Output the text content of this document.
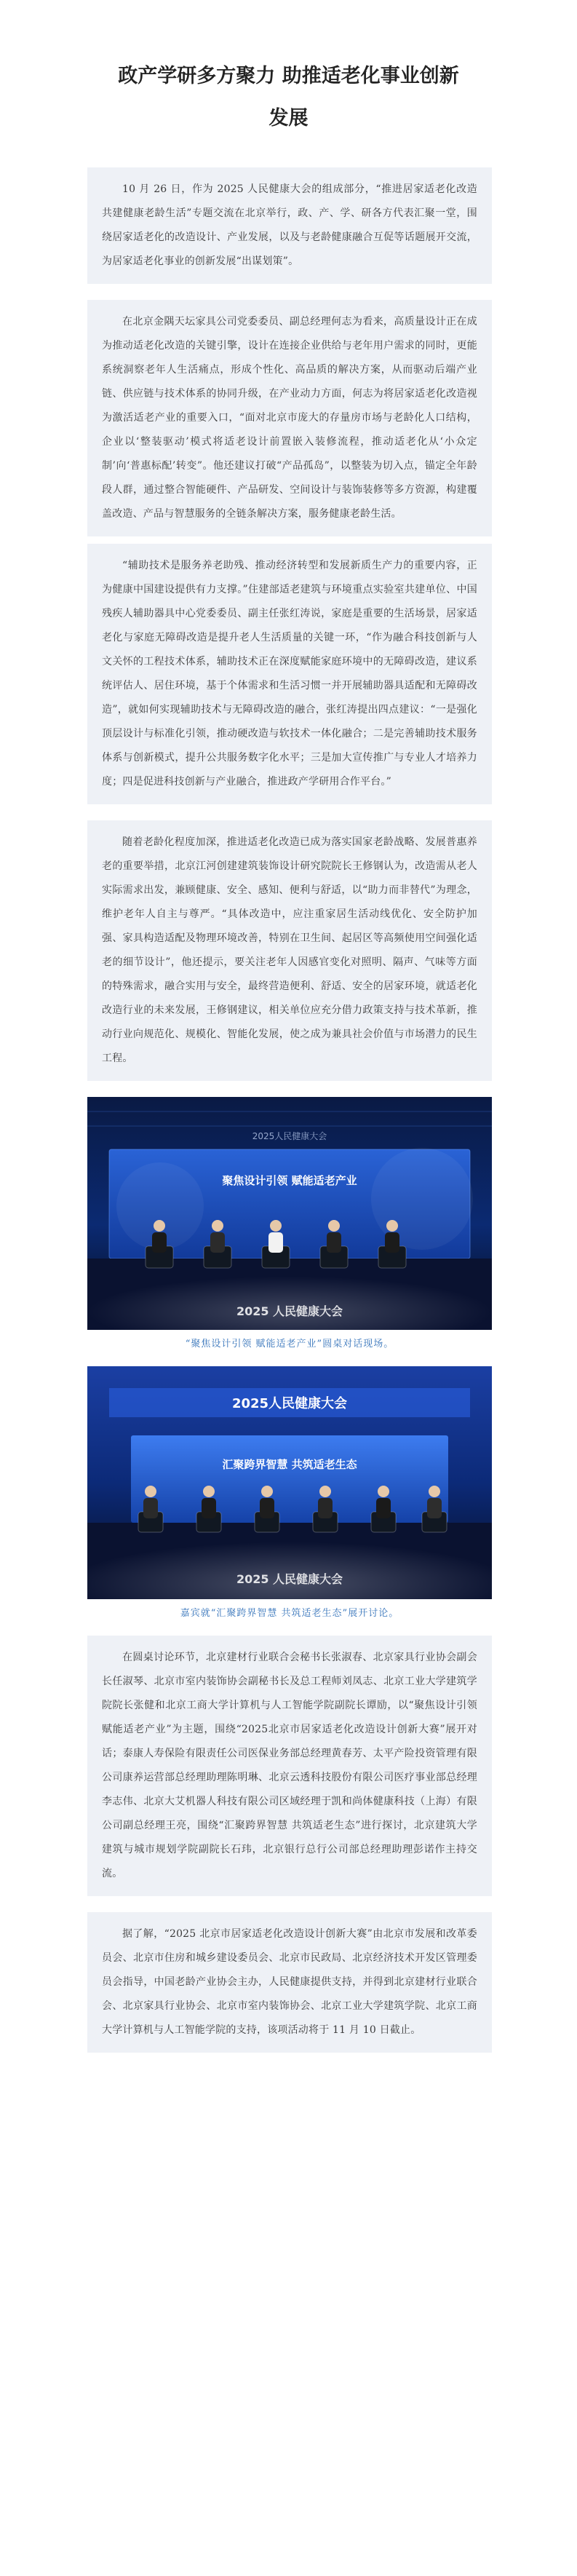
政产学研多方聚力 助推适老化事业创新
发展

10 月 26 日，作为 2025 人民健康大会的组成部分，“推进居家适老化改造 共建健康老龄生活”专题交流在北京举行，政、产、学、研各方代表汇聚一堂，围绕居家适老化的改造设计、产业发展，以及与老龄健康融合互促等话题展开交流，为居家适老化事业的创新发展“出谋划策”。

在北京金隅天坛家具公司党委委员、副总经理何志为看来，高质量设计正在成为推动适老化改造的关键引擎，设计在连接企业供给与老年用户需求的同时，更能系统洞察老年人生活痛点，形成个性化、高品质的解决方案，从而驱动后端产业链、供应链与技术体系的协同升级，在产业动力方面，何志为将居家适老化改造视为激活适老产业的重要入口，“面对北京市庞大的存量房市场与老龄化人口结构，企业以‘整装驱动’模式将适老设计前置嵌入装修流程，推动适老化从‘小众定制’向‘普惠标配’转变”。他还建议打破“产品孤岛”，以整装为切入点，锚定全年龄段人群，通过整合智能硬件、产品研发、空间设计与装饰装修等多方资源，构建覆盖改造、产品与智慧服务的全链条解决方案，服务健康老龄生活。

“辅助技术是服务养老助残、推动经济转型和发展新质生产力的重要内容，正为健康中国建设提供有力支撑。”住建部适老建筑与环境重点实验室共建单位、中国残疾人辅助器具中心党委委员、副主任张红涛说，家庭是重要的生活场景，居家适老化与家庭无障碍改造是提升老人生活质量的关键一环，“作为融合科技创新与人文关怀的工程技术体系，辅助技术正在深度赋能家庭环境中的无障碍改造，建议系统评估人、居住环境，基于个体需求和生活习惯一并开展辅助器具适配和无障碍改造”，就如何实现辅助技术与无障碍改造的融合，张红涛提出四点建议：“一是强化顶层设计与标准化引领，推动硬改造与软技术一体化融合；二是完善辅助技术服务体系与创新模式，提升公共服务数字化水平；三是加大宣传推广与专业人才培养力度；四是促进科技创新与产业融合，推进政产学研用合作平台。”

随着老龄化程度加深，推进适老化改造已成为落实国家老龄战略、发展普惠养老的重要举措，北京江河创建建筑装饰设计研究院院长王修钢认为，改造需从老人实际需求出发，兼顾健康、安全、感知、便利与舒适，以“助力而非替代”为理念，维护老年人自主与尊严。“具体改造中，应注重家居生活动线优化、安全防护加强、家具构造适配及物理环境改善，特别在卫生间、起居区等高频使用空间强化适老的细节设计”，他还提示，要关注老年人因感官变化对照明、隔声、气味等方面的特殊需求，融合实用与安全，最终营造便利、舒适、安全的居家环境，就适老化改造行业的未来发展，王修钢建议，相关单位应充分借力政策支持与技术革新，推动行业向规范化、规模化、智能化发展，使之成为兼具社会价值与市场潜力的民生工程。

聚焦设计引领 赋能适老产业
2025 人民健康大会
2025人民健康大会
“聚焦设计引领 赋能适老产业”圆桌对话现场。
2025人民健康大会
汇聚跨界智慧 共筑适老生态
2025 人民健康大会
嘉宾就“汇聚跨界智慧 共筑适老生态”展开讨论。

在圆桌讨论环节，北京建材行业联合会秘书长张淑春、北京家具行业协会副会长任淑琴、北京市室内装饰协会副秘书长及总工程师刘凤志、北京工业大学建筑学院院长张健和北京工商大学计算机与人工智能学院副院长谭励，以“聚焦设计引领 赋能适老产业”为主题，围绕“2025北京市居家适老化改造设计创新大赛”展开对话；泰康人寿保险有限责任公司医保业务部总经理黄春芳、太平产险投资管理有限公司康养运营部总经理助理陈明琳、北京云透科技股份有限公司医疗事业部总经理李志伟、北京大艾机器人科技有限公司区域经理于凯和尚体健康科技（上海）有限公司副总经理王亮，围绕“汇聚跨界智慧 共筑适老生态”进行探讨，北京建筑大学建筑与城市规划学院副院长石玮，北京银行总行公司部总经理助理彭诺作主持交流。

据了解，“2025 北京市居家适老化改造设计创新大赛”由北京市发展和改革委员会、北京市住房和城乡建设委员会、北京市民政局、北京经济技术开发区管理委员会指导，中国老龄产业协会主办，人民健康提供支持，并得到北京建材行业联合会、北京家具行业协会、北京市室内装饰协会、北京工业大学建筑学院、北京工商大学计算机与人工智能学院的支持，该项活动将于 11 月 10 日截止。
